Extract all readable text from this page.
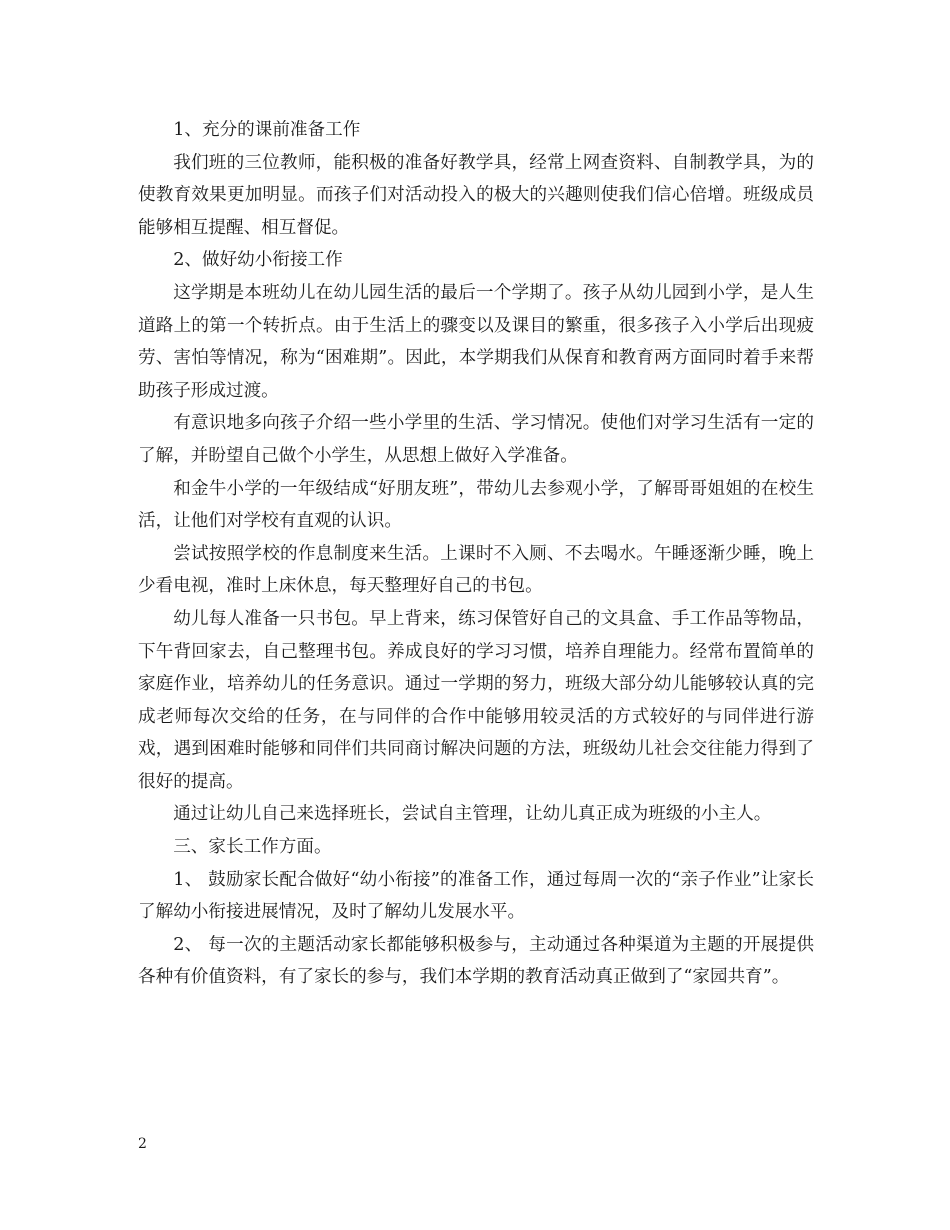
1、充分的课前准备工作

我们班的三位教师，能积极的准备好教学具，经常上网查资料、自制教学具，为的使教育效果更加明显。而孩子们对活动投入的极大的兴趣则使我们信心倍增。班级成员能够相互提醒、相互督促。

2、做好幼小衔接工作

这学期是本班幼儿在幼儿园生活的最后一个学期了。孩子从幼儿园到小学，是人生道路上的第一个转折点。由于生活上的骤变以及课目的繁重，很多孩子入小学后出现疲劳、害怕等情况，称为“困难期”。因此，本学期我们从保育和教育两方面同时着手来帮助孩子形成过渡。

有意识地多向孩子介绍一些小学里的生活、学习情况。使他们对学习生活有一定的了解，并盼望自己做个小学生，从思想上做好入学准备。

和金牛小学的一年级结成“好朋友班”，带幼儿去参观小学，了解哥哥姐姐的在校生活，让他们对学校有直观的认识。

尝试按照学校的作息制度来生活。上课时不入厕、不去喝水。午睡逐渐少睡，晚上少看电视，准时上床休息，每天整理好自己的书包。

幼儿每人准备一只书包。早上背来，练习保管好自己的文具盒、手工作品等物品，下午背回家去，自己整理书包。养成良好的学习习惯，培养自理能力。经常布置简单的家庭作业，培养幼儿的任务意识。通过一学期的努力，班级大部分幼儿能够较认真的完成老师每次交给的任务，在与同伴的合作中能够用较灵活的方式较好的与同伴进行游戏，遇到困难时能够和同伴们共同商讨解决问题的方法，班级幼儿社会交往能力得到了很好的提高。

通过让幼儿自己来选择班长，尝试自主管理，让幼儿真正成为班级的小主人。

三、家长工作方面。

1、 鼓励家长配合做好“幼小衔接”的准备工作，通过每周一次的“亲子作业”让家长了解幼小衔接进展情况，及时了解幼儿发展水平。

2、 每一次的主题活动家长都能够积极参与，主动通过各种渠道为主题的开展提供各种有价值资料，有了家长的参与，我们本学期的教育活动真正做到了“家园共育”。

2
